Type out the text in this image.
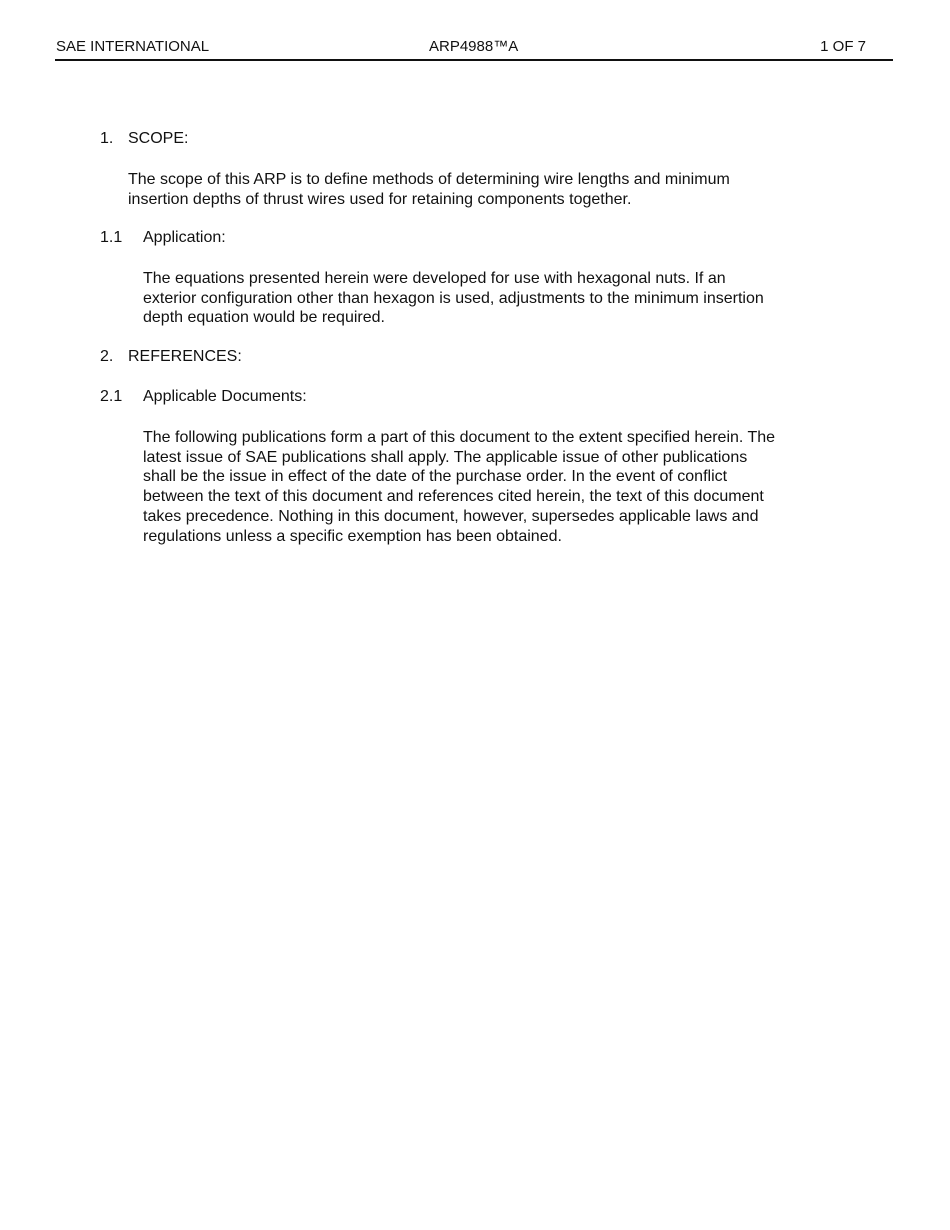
SAE INTERNATIONAL	ARP4988™A	1 OF 7
1. SCOPE:
The scope of this ARP is to define methods of determining wire lengths and minimum
insertion depths of thrust wires used for retaining components together.
1.1 Application:
The equations presented herein were developed for use with hexagonal nuts. If an
exterior configuration other than hexagon is used, adjustments to the minimum insertion
depth equation would be required.
2. REFERENCES:
2.1 Applicable Documents:
The following publications form a part of this document to the extent specified herein. The
latest issue of SAE publications shall apply. The applicable issue of other publications
shall be the issue in effect of the date of the purchase order. In the event of conflict
between the text of this document and references cited herein, the text of this document
takes precedence. Nothing in this document, however, supersedes applicable laws and
regulations unless a specific exemption has been obtained.
